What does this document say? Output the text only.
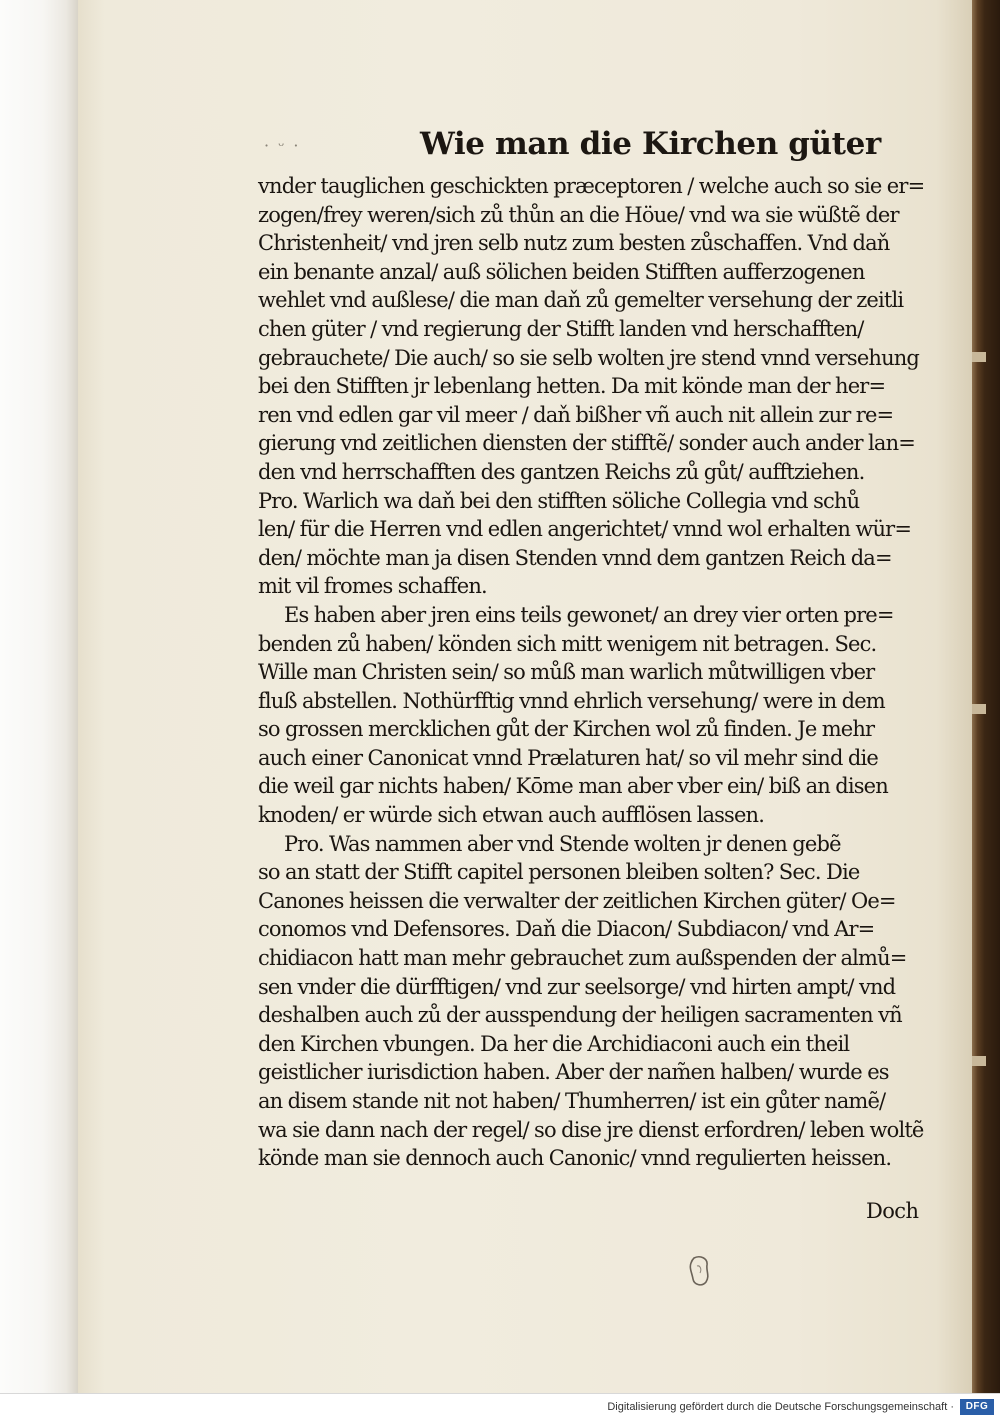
· ᵕ ·	Wie man die Kirchen güter
vnder tauglichen geschickten præceptoren / welche auch so sie er=
zogen/frey weren/sich zů thůn an die Höue/ vnd wa sie wüßtẽ der
Christenheit/ vnd jren selb nutz zum besten zůschaffen. Vnd daň
ein benante anzal/ auß sölichen beiden Stifften aufferzogenen
wehlet vnd außlese/ die man daň zů gemelter versehung der zeitli
chen güter / vnd regierung der Stifft landen vnd herschafften/
gebrauchete/ Die auch/ so sie selb wolten jre stend vnnd versehung
bei den Stifften jr lebenlang hetten. Da mit könde man der her=
ren vnd edlen gar vil meer / daň bißher vñ auch nit allein zur re=
gierung vnd zeitlichen diensten der stifftẽ/ sonder auch ander lan=
den vnd herrschafften des gantzen Reichs zů gůt/ aufftziehen.
Pro. Warlich wa daň bei den stifften söliche Collegia vnd schů
len/ für die Herren vnd edlen angerichtet/ vnnd wol erhalten wür=
den/ möchte man ja disen Stenden vnnd dem gantzen Reich da=
mit vil fromes schaffen.
Es haben aber jren eins teils gewonet/ an drey vier orten pre=
benden zů haben/ könden sich mitt wenigem nit betragen. Sec.
Wille man Christen sein/ so můß man warlich můtwilligen vber
fluß abstellen. Nothürfftig vnnd ehrlich versehung/ were in dem
so grossen mercklichen gůt der Kirchen wol zů finden. Je mehr
auch einer Canonicat vnnd Prælaturen hat/ so vil mehr sind die
die weil gar nichts haben/ Kōme man aber vber ein/ biß an disen
knoden/ er würde sich etwan auch aufflösen lassen.
Pro. Was nammen aber vnd Stende wolten jr denen gebẽ
so an statt der Stifft capitel personen bleiben solten? Sec. Die
Canones heissen die verwalter der zeitlichen Kirchen güter/ Oe=
conomos vnd Defensores. Daň die Diacon/ Subdiacon/ vnd Ar=
chidiacon hatt man mehr gebrauchet zum außspenden der almů=
sen vnder die dürfftigen/ vnd zur seelsorge/ vnd hirten ampt/ vnd
deshalben auch zů der ausspendung der heiligen sacramenten vñ
den Kirchen vbungen. Da her die Archidiaconi auch ein theil
geistlicher iurisdiction haben. Aber der nam̃en halben/ wurde es
an disem stande nit not haben/ Thumherren/ ist ein gůter namẽ/
wa sie dann nach der regel/ so dise jre dienst erfordren/ leben woltẽ
könde man sie dennoch auch Canonic/ vnnd regulierten heissen.
Doch
Digitalisierung gefördert durch die Deutsche Forschungsgemeinschaft ·	DFG
